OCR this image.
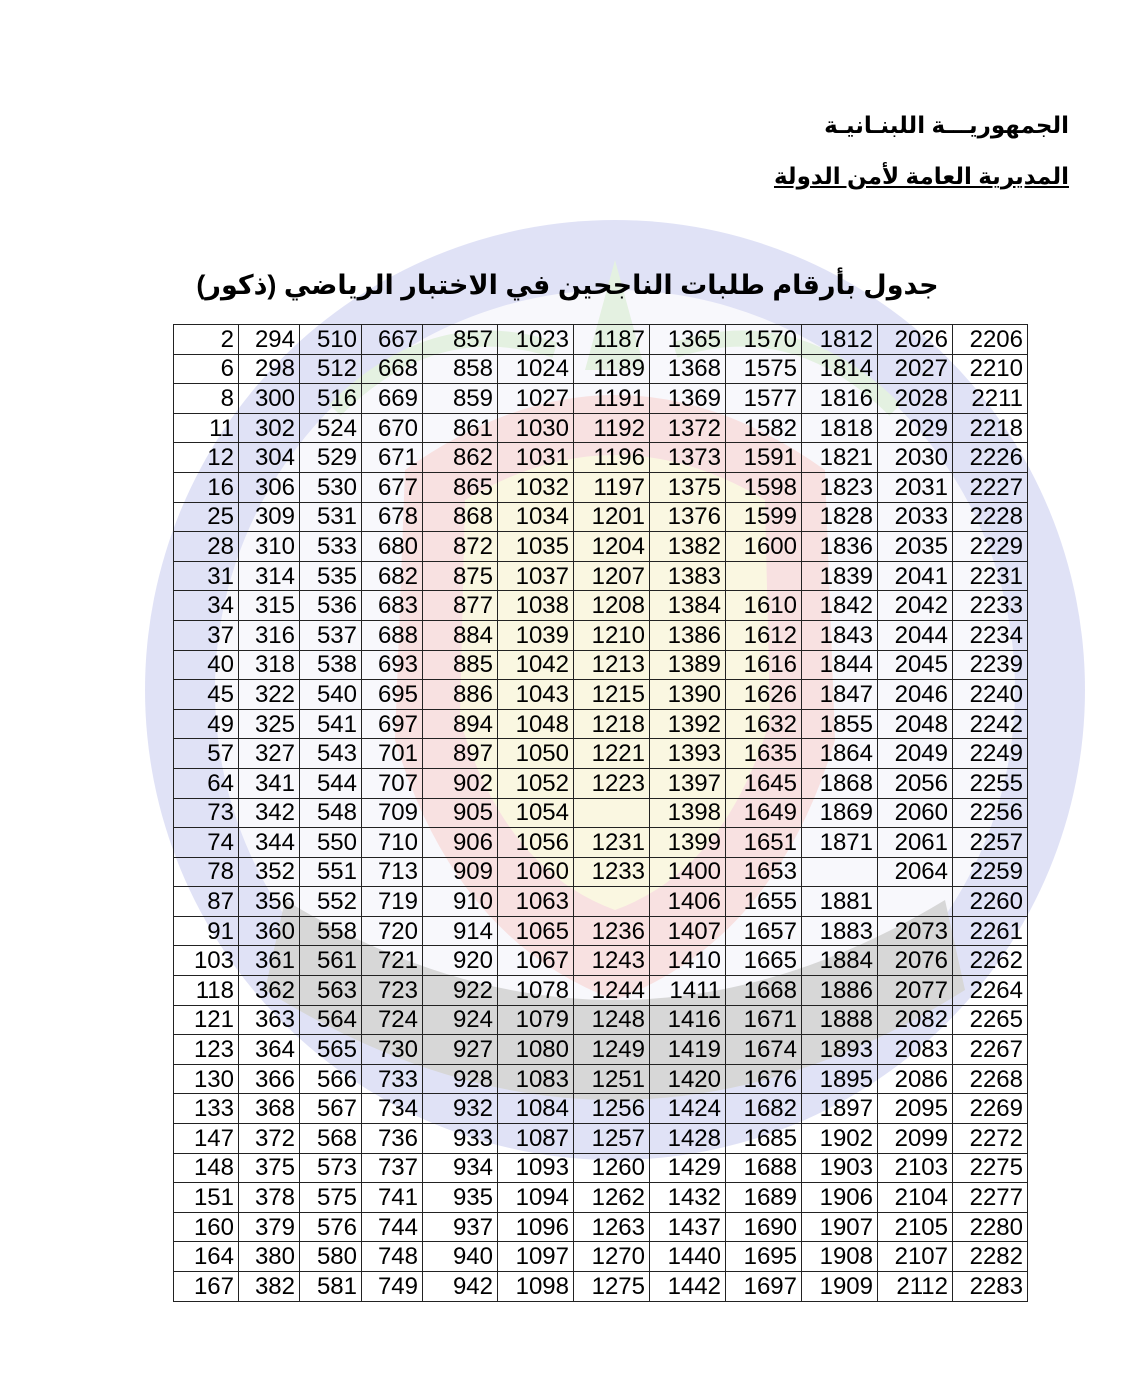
الجمهوريـــة اللبنـانيـة

المديرية العامة لأمن الدولة

جدول بأرقام طلبات الناجحين في الاختبار الرياضي (ذكور)
2	294	510	667	857	1023	1187	1365	1570	1812	2026	2206
6	298	512	668	858	1024	1189	1368	1575	1814	2027	2210
8	300	516	669	859	1027	1191	1369	1577	1816	2028	2211
11	302	524	670	861	1030	1192	1372	1582	1818	2029	2218
12	304	529	671	862	1031	1196	1373	1591	1821	2030	2226
16	306	530	677	865	1032	1197	1375	1598	1823	2031	2227
25	309	531	678	868	1034	1201	1376	1599	1828	2033	2228
28	310	533	680	872	1035	1204	1382	1600	1836	2035	2229
31	314	535	682	875	1037	1207	1383		1839	2041	2231
34	315	536	683	877	1038	1208	1384	1610	1842	2042	2233
37	316	537	688	884	1039	1210	1386	1612	1843	2044	2234
40	318	538	693	885	1042	1213	1389	1616	1844	2045	2239
45	322	540	695	886	1043	1215	1390	1626	1847	2046	2240
49	325	541	697	894	1048	1218	1392	1632	1855	2048	2242
57	327	543	701	897	1050	1221	1393	1635	1864	2049	2249
64	341	544	707	902	1052	1223	1397	1645	1868	2056	2255
73	342	548	709	905	1054		1398	1649	1869	2060	2256
74	344	550	710	906	1056	1231	1399	1651	1871	2061	2257
78	352	551	713	909	1060	1233	1400	1653		2064	2259
87	356	552	719	910	1063		1406	1655	1881		2260
91	360	558	720	914	1065	1236	1407	1657	1883	2073	2261
103	361	561	721	920	1067	1243	1410	1665	1884	2076	2262
118	362	563	723	922	1078	1244	1411	1668	1886	2077	2264
121	363	564	724	924	1079	1248	1416	1671	1888	2082	2265
123	364	565	730	927	1080	1249	1419	1674	1893	2083	2267
130	366	566	733	928	1083	1251	1420	1676	1895	2086	2268
133	368	567	734	932	1084	1256	1424	1682	1897	2095	2269
147	372	568	736	933	1087	1257	1428	1685	1902	2099	2272
148	375	573	737	934	1093	1260	1429	1688	1903	2103	2275
151	378	575	741	935	1094	1262	1432	1689	1906	2104	2277
160	379	576	744	937	1096	1263	1437	1690	1907	2105	2280
164	380	580	748	940	1097	1270	1440	1695	1908	2107	2282
167	382	581	749	942	1098	1275	1442	1697	1909	2112	2283
